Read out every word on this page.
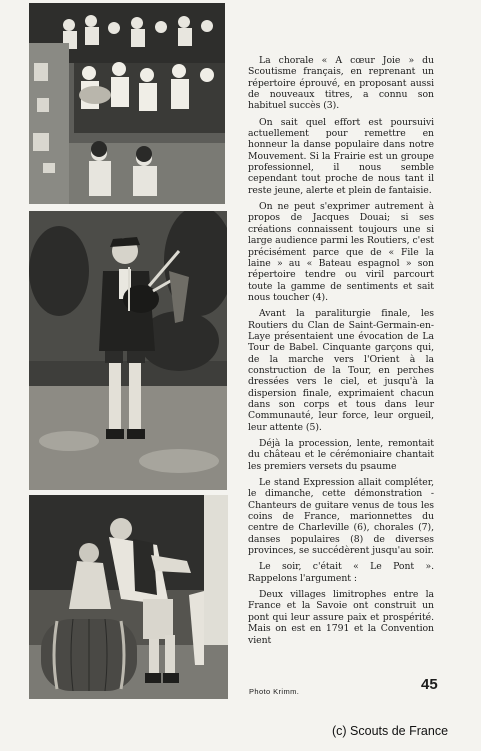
La chorale « A cœur Joie » du Scoutisme français, en reprenant un répertoire éprouvé, en proposant aussi de nouveaux titres, a connu son habituel succès (3).

On sait quel effort est poursuivi actuellement pour remettre en honneur la danse populaire dans notre Mouvement. Si la Frairie est un groupe professionnel, il nous semble cependant tout proche de nous tant il reste jeune, alerte et plein de fantaisie.

On ne peut s'exprimer autrement à propos de Jacques Douai; si ses créations connaissent toujours une si large audience parmi les Routiers, c'est précisément parce que de « File la laine » au « Bateau espagnol » son répertoire tendre ou viril parcourt toute la gamme de sentiments et sait nous toucher (4).

Avant la paraliturgie finale, les Routiers du Clan de Saint-Germain-en-Laye présentaient une évocation de La Tour de Babel. Cinquante garçons qui, de la marche vers l'Orient à la construction de la Tour, en perches dressées vers le ciel, et jusqu'à la dispersion finale, exprimaient chacun dans son corps et tous dans leur Communauté, leur force, leur orgueil, leur attente (5).

Déjà la procession, lente, remontait du château et le cérémoniaire chantait les premiers versets du psaume

Le stand Expression allait compléter, le dimanche, cette démonstration - Chanteurs de guitare venus de tous les coins de France, marionnettes du centre de Charleville (6), chorales (7), danses populaires (8) de diverses provinces, se succédèrent jusqu'au soir.

Le soir, c'était « Le Pont ». Rappelons l'argument :

Deux villages limitrophes entre la France et la Savoie ont construit un pont qui leur assure paix et prospérité. Mais on est en 1791 et la Convention vient

Photo Krimm.	45
(c) Scouts de France
